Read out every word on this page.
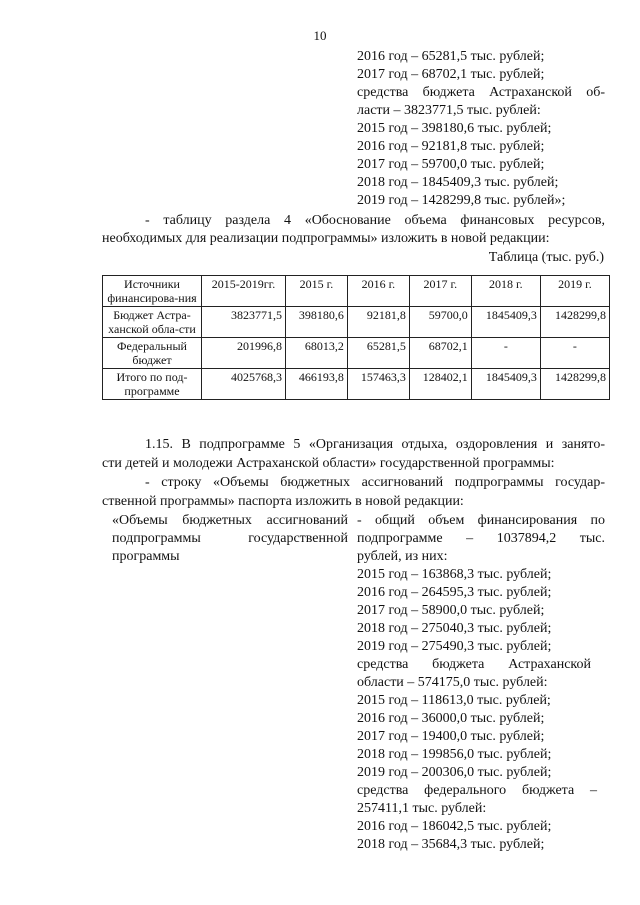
10
2016 год – 65281,5 тыс. рублей;
2017 год – 68702,1 тыс. рублей;
средства бюджета Астраханской об-
ласти – 3823771,5 тыс. рублей:
2015 год – 398180,6 тыс. рублей;
2016 год – 92181,8 тыс. рублей;
2017 год – 59700,0 тыс. рублей;
2018 год – 1845409,3 тыс. рублей;
2019 год – 1428299,8 тыс. рублей»;
- таблицу раздела 4 «Обоснование объема финансовых ресурсов,
необходимых для реализации подпрограммы» изложить в новой редакции:
Таблица (тыс. руб.)
Источники финансирова-ния	2015-2019гг.	2015 г.	2016 г.	2017 г.	2018 г.	2019 г.
Бюджет Астра-ханской обла-сти	3823771,5	398180,6	92181,8	59700,0	1845409,3	1428299,8
Федеральный бюджет	201996,8	68013,2	65281,5	68702,1	-	-
Итого по под-программе	4025768,3	466193,8	157463,3	128402,1	1845409,3	1428299,8
1.15. В подпрограмме 5 «Организация отдыха, оздоровления и занято-
сти детей и молодежи Астраханской области» государственной программы:
- строку «Объемы бюджетных ассигнований подпрограммы государ-
ственной программы» паспорта изложить в новой редакции:
«Объемы бюджетных ассигнований
подпрограммы государственной
программы
- общий объем финансирования по
подпрограмме – 1037894,2 тыс.
рублей, из них:
2015 год – 163868,3 тыс. рублей;
2016 год – 264595,3 тыс. рублей;
2017 год – 58900,0 тыс. рублей;
2018 год – 275040,3 тыс. рублей;
2019 год – 275490,3 тыс. рублей;
средства бюджета Астраханской
области – 574175,0 тыс. рублей:
2015 год – 118613,0 тыс. рублей;
2016 год – 36000,0 тыс. рублей;
2017 год – 19400,0 тыс. рублей;
2018 год – 199856,0 тыс. рублей;
2019 год – 200306,0 тыс. рублей;
средства федерального бюджета –
257411,1 тыс. рублей:
2016 год – 186042,5 тыс. рублей;
2018 год – 35684,3 тыс. рублей;
